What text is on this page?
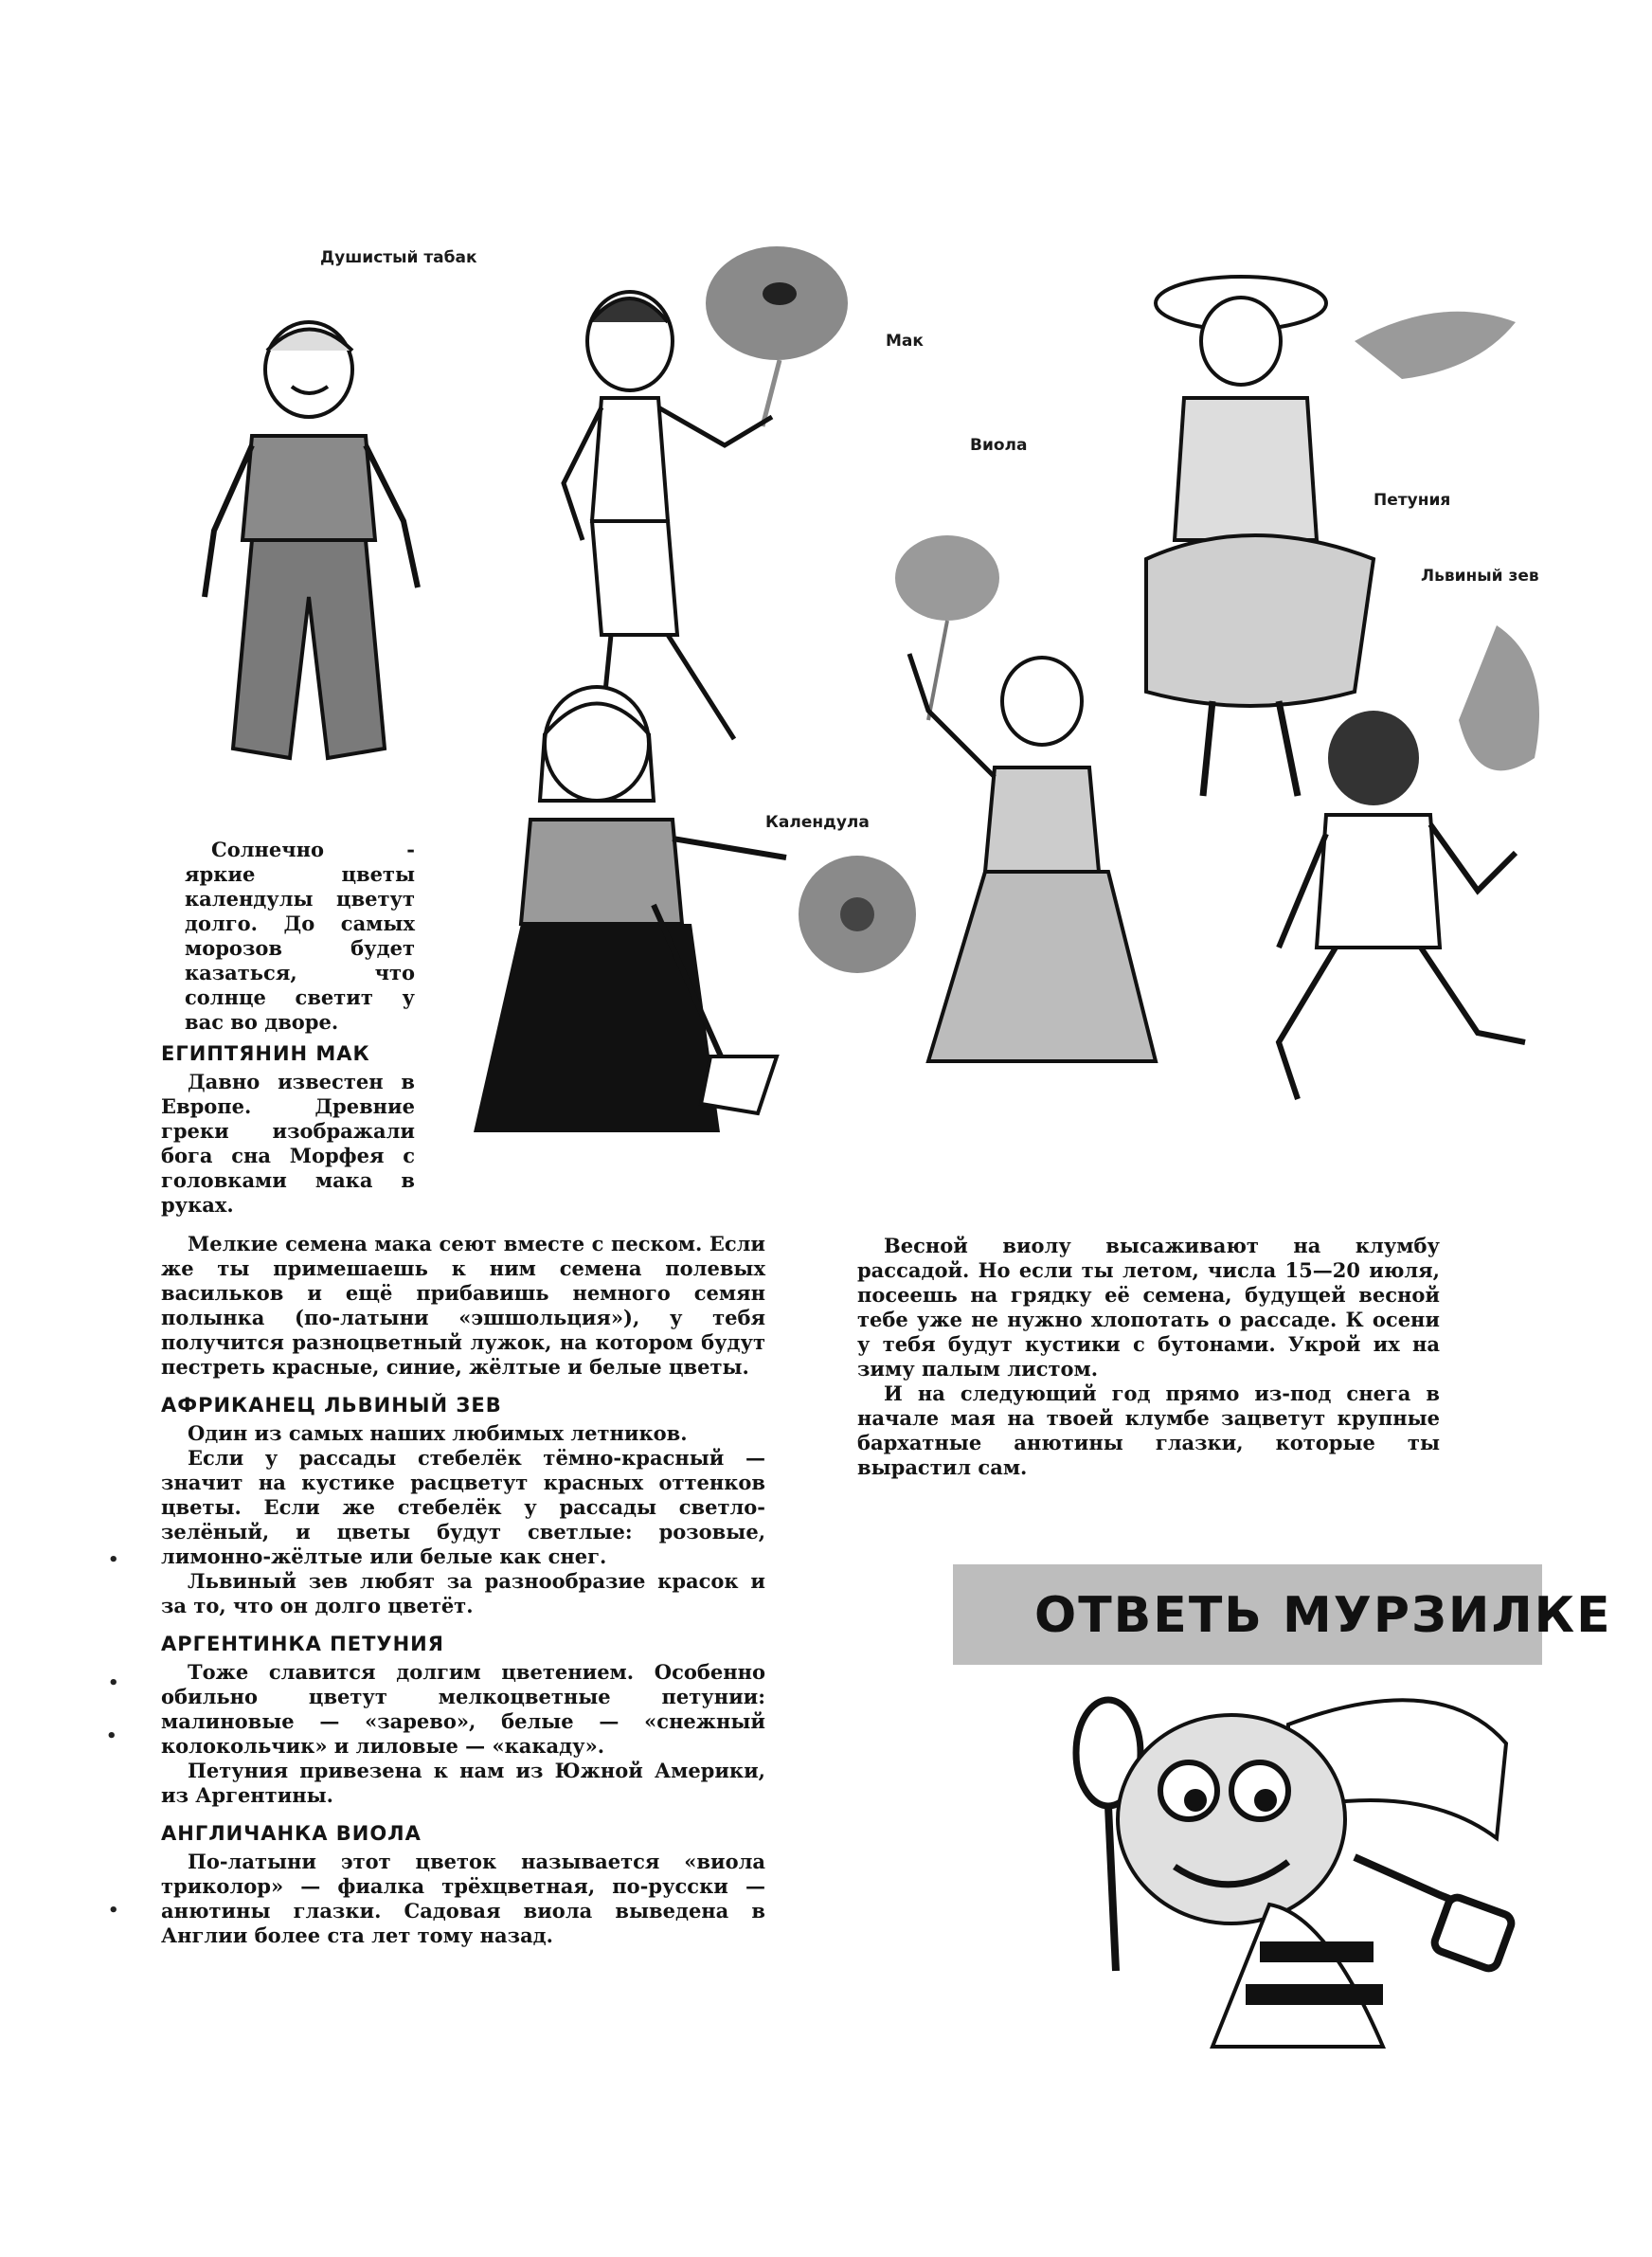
Душистый табак
Мак
Виола
Петуния
Львиный зев
Календула

Солнечно - яркие цветы календулы цветут долго. До самых морозов будет казаться, что солнце светит у вас во дворе.

ЕГИПТЯНИН МАК

Давно известен в Европе. Древние греки изображали бога сна Морфея с головками мака в руках.

Мелкие семена мака сеют вместе с песком. Если же ты примешаешь к ним семена полевых васильков и ещё прибавишь немного семян полынка (по-латыни «эшшольция»), у тебя получится разноцветный лужок, на котором будут пестреть красные, синие, жёлтые и белые цветы.

АФРИКАНЕЦ ЛЬВИНЫЙ ЗЕВ

Один из самых наших любимых летников.

Если у рассады стебелёк тёмно-красный — значит на кустике расцветут красных оттенков цветы. Если же стебелёк у рассады светло-зелёный, и цветы будут светлые: розовые, лимонно-жёлтые или белые как снег.

Львиный зев любят за разнообразие красок и за то, что он долго цветёт.

АРГЕНТИНКА ПЕТУНИЯ

Тоже славится долгим цветением. Особенно обильно цветут мелкоцветные петунии: малиновые — «зарево», белые — «снежный колокольчик» и лиловые — «какаду».

Петуния привезена к нам из Южной Америки, из Аргентины.

АНГЛИЧАНКА ВИОЛА

По-латыни этот цветок называется «виола триколор» — фиалка трёхцветная, по-русски — анютины глазки. Садовая виола выведена в Англии более ста лет тому назад.

Весной виолу высаживают на клумбу рассадой. Но если ты летом, числа 15—20 июля, посеешь на грядку её семена, будущей весной тебе уже не нужно хлопотать о рассаде. К осени у тебя будут кустики с бутонами. Укрой их на зиму палым листом.

И на следующий год прямо из-под снега в начале мая на твоей клумбе зацветут крупные бархатные анютины глазки, которые ты вырастил сам.

•
•
•
•
ОТВЕТЬ МУРЗИЛКЕ
